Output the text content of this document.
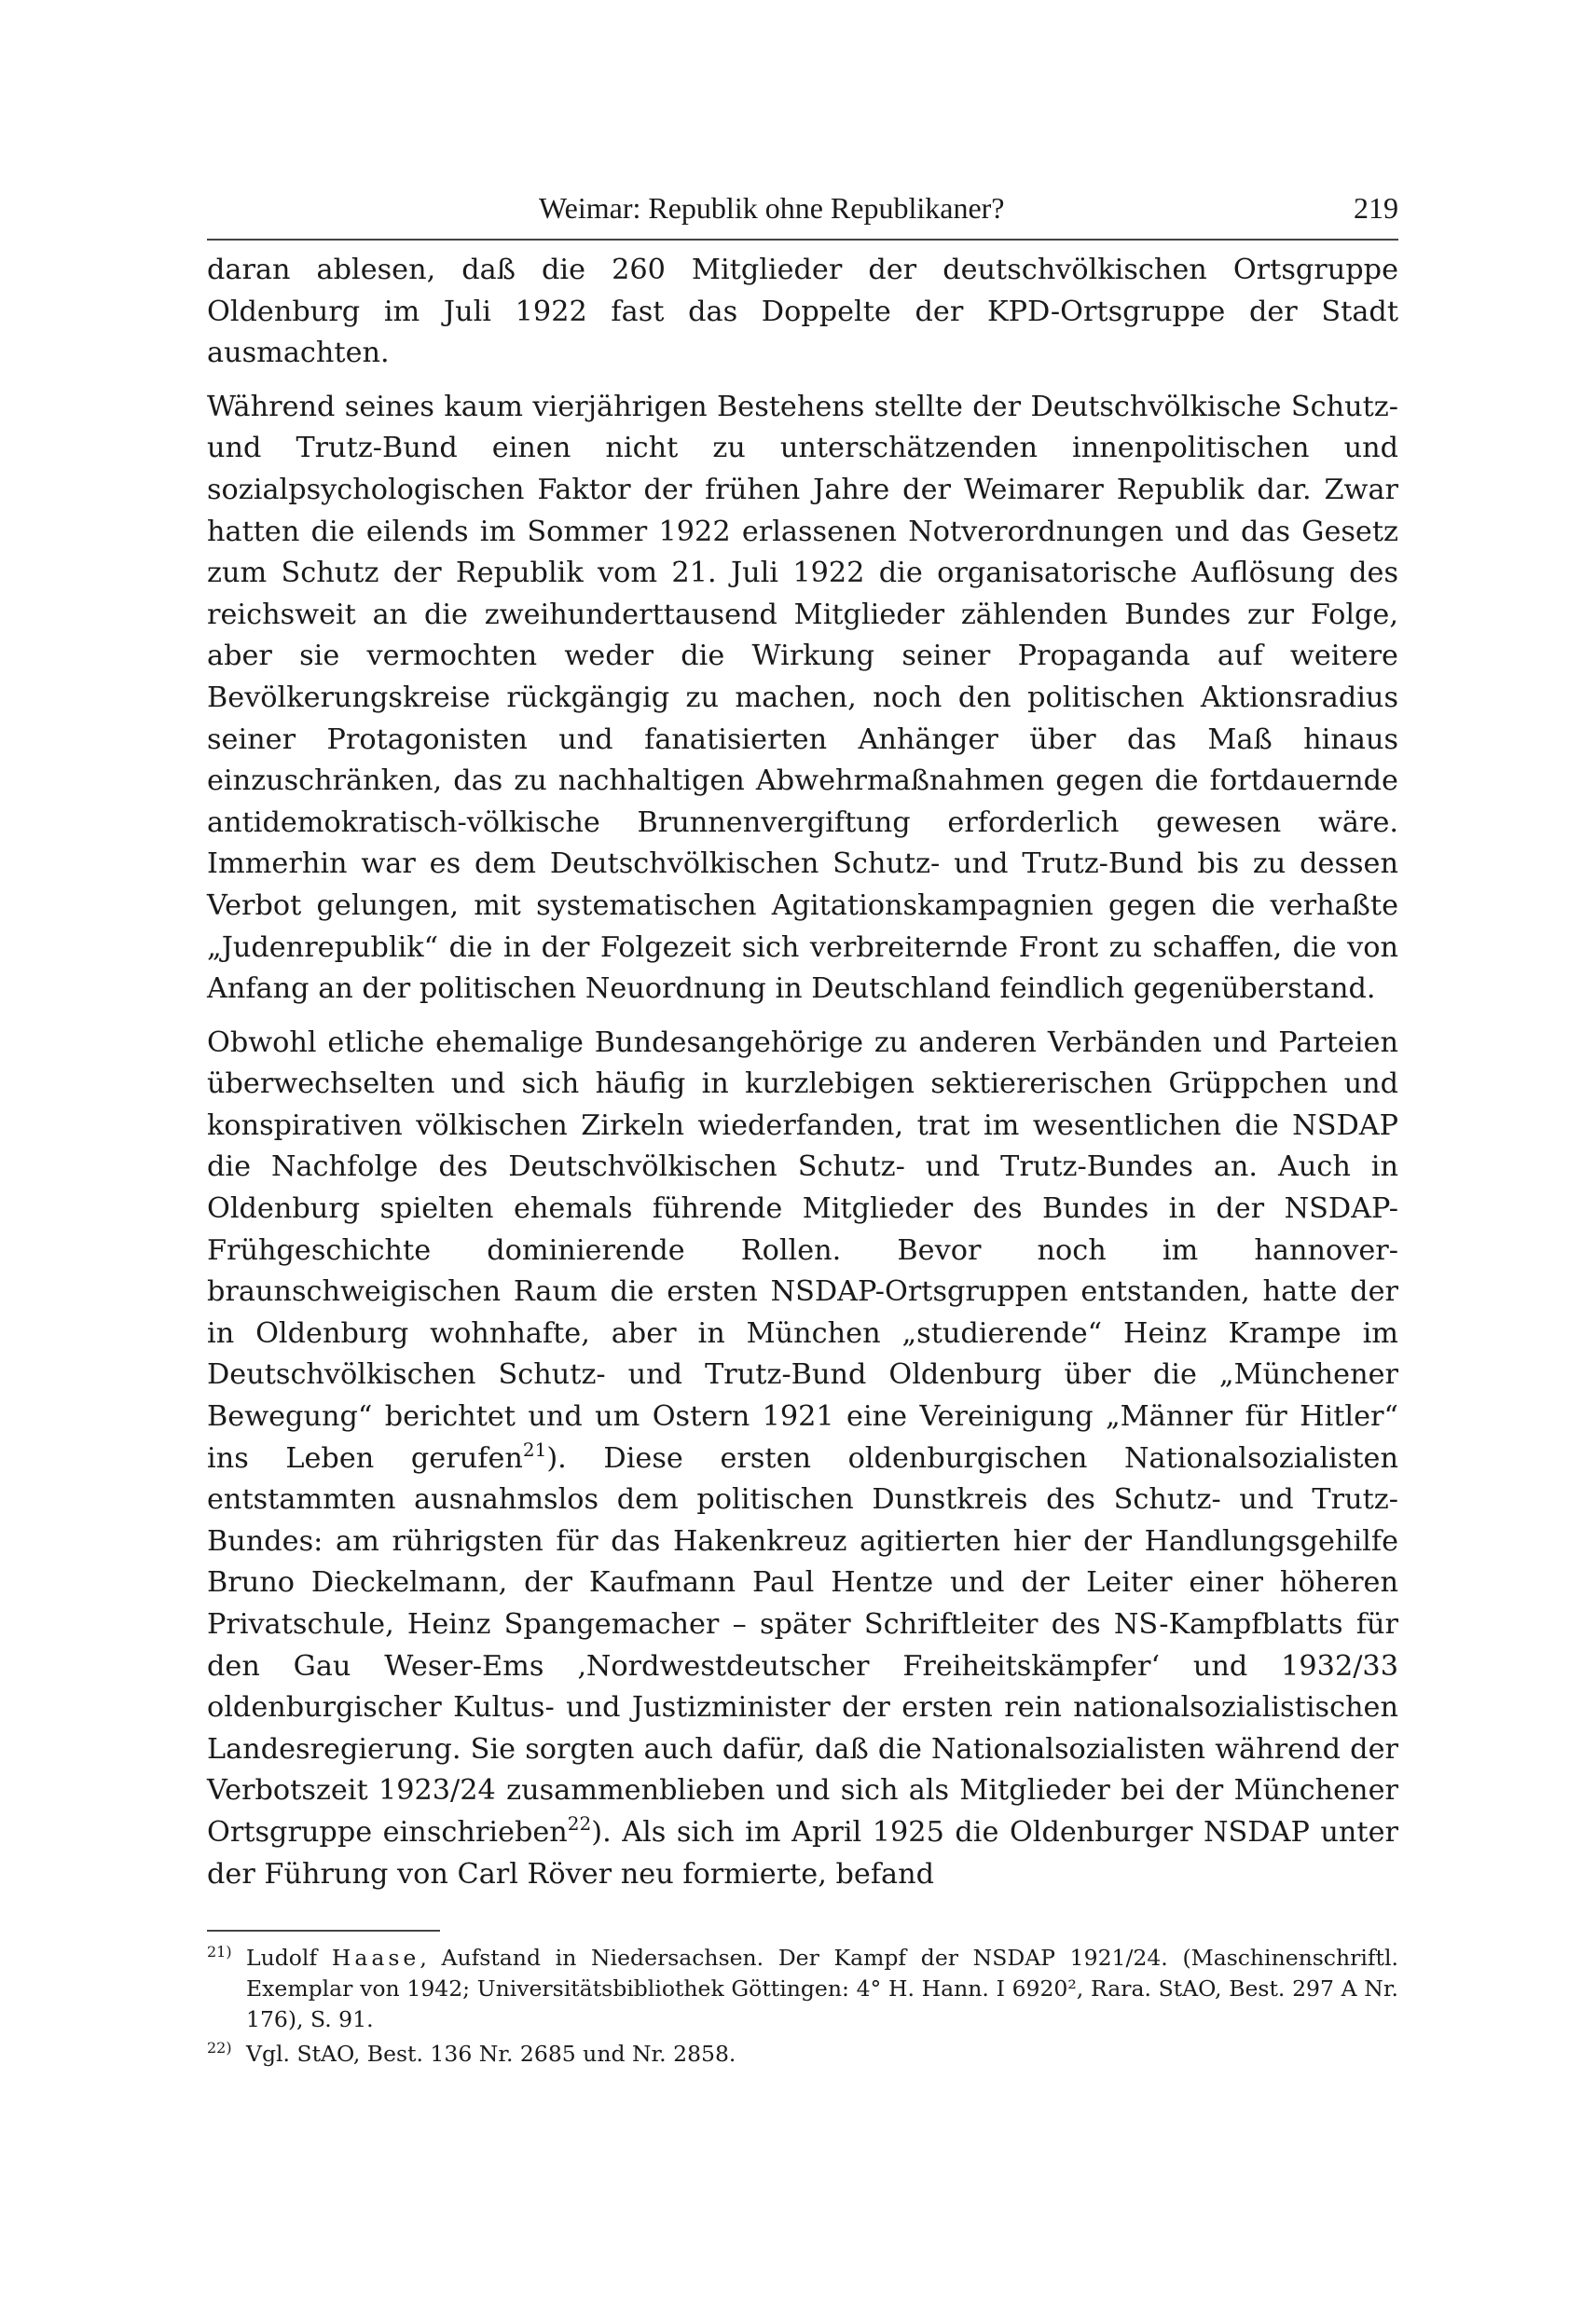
Weimar: Republik ohne Republikaner?	219

daran ablesen, daß die 260 Mitglieder der deutschvölkischen Ortsgruppe Oldenburg im Juli 1922 fast das Doppelte der KPD-Ortsgruppe der Stadt ausmachten.

Während seines kaum vierjährigen Bestehens stellte der Deutschvölkische Schutz- und Trutz-Bund einen nicht zu unterschätzenden innenpolitischen und sozialpsychologischen Faktor der frühen Jahre der Weimarer Republik dar. Zwar hatten die eilends im Sommer 1922 erlassenen Notverordnungen und das Gesetz zum Schutz der Republik vom 21. Juli 1922 die organisatorische Auflösung des reichsweit an die zweihunderttausend Mitglieder zählenden Bundes zur Folge, aber sie vermochten weder die Wirkung seiner Propaganda auf weitere Bevölkerungskreise rückgängig zu machen, noch den politischen Aktionsradius seiner Protagonisten und fanatisierten Anhänger über das Maß hinaus einzuschränken, das zu nachhaltigen Abwehrmaßnahmen gegen die fortdauernde antidemokratisch-völkische Brunnenvergiftung erforderlich gewesen wäre. Immerhin war es dem Deutschvölkischen Schutz- und Trutz-Bund bis zu dessen Verbot gelungen, mit systematischen Agitationskampagnien gegen die verhaßte „Judenrepublik“ die in der Folgezeit sich verbreiternde Front zu schaffen, die von Anfang an der politischen Neuordnung in Deutschland feindlich gegenüberstand.

Obwohl etliche ehemalige Bundesangehörige zu anderen Verbänden und Parteien überwechselten und sich häufig in kurzlebigen sektiererischen Grüppchen und konspirativen völkischen Zirkeln wiederfanden, trat im wesentlichen die NSDAP die Nachfolge des Deutschvölkischen Schutz- und Trutz-Bundes an. Auch in Oldenburg spielten ehemals führende Mitglieder des Bundes in der NSDAP-Frühgeschichte dominierende Rollen. Bevor noch im hannover-braunschweigischen Raum die ersten NSDAP-Ortsgruppen entstanden, hatte der in Oldenburg wohnhafte, aber in München „studierende“ Heinz Krampe im Deutschvölkischen Schutz- und Trutz-Bund Oldenburg über die „Münchener Bewegung“ berichtet und um Ostern 1921 eine Vereinigung „Männer für Hitler“ ins Leben gerufen$^{21}$). Diese ersten oldenburgischen Nationalsozialisten entstammten ausnahmslos dem politischen Dunstkreis des Schutz- und Trutz-Bundes: am rührigsten für das Hakenkreuz agitierten hier der Handlungsgehilfe Bruno Dieckelmann, der Kaufmann Paul Hentze und der Leiter einer höheren Privatschule, Heinz Spangemacher – später Schriftleiter des NS-Kampfblatts für den Gau Weser-Ems ‚Nordwestdeutscher Freiheitskämpfer‘ und 1932/33 oldenburgischer Kultus- und Justizminister der ersten rein nationalsozialistischen Landesregierung. Sie sorgten auch dafür, daß die Nationalsozialisten während der Verbotszeit 1923/24 zusammenblieben und sich als Mitglieder bei der Münchener Ortsgruppe einschrieben$^{22}$). Als sich im April 1925 die Oldenburger NSDAP unter der Führung von Carl Röver neu formierte, befand

21) Ludolf Haase, Aufstand in Niedersachsen. Der Kampf der NSDAP 1921/24. (Maschinenschriftl. Exemplar von 1942; Universitätsbibliothek Göttingen: 4° H. Hann. I 6920², Rara. StAO, Best. 297 A Nr. 176), S. 91.
22) Vgl. StAO, Best. 136 Nr. 2685 und Nr. 2858.
